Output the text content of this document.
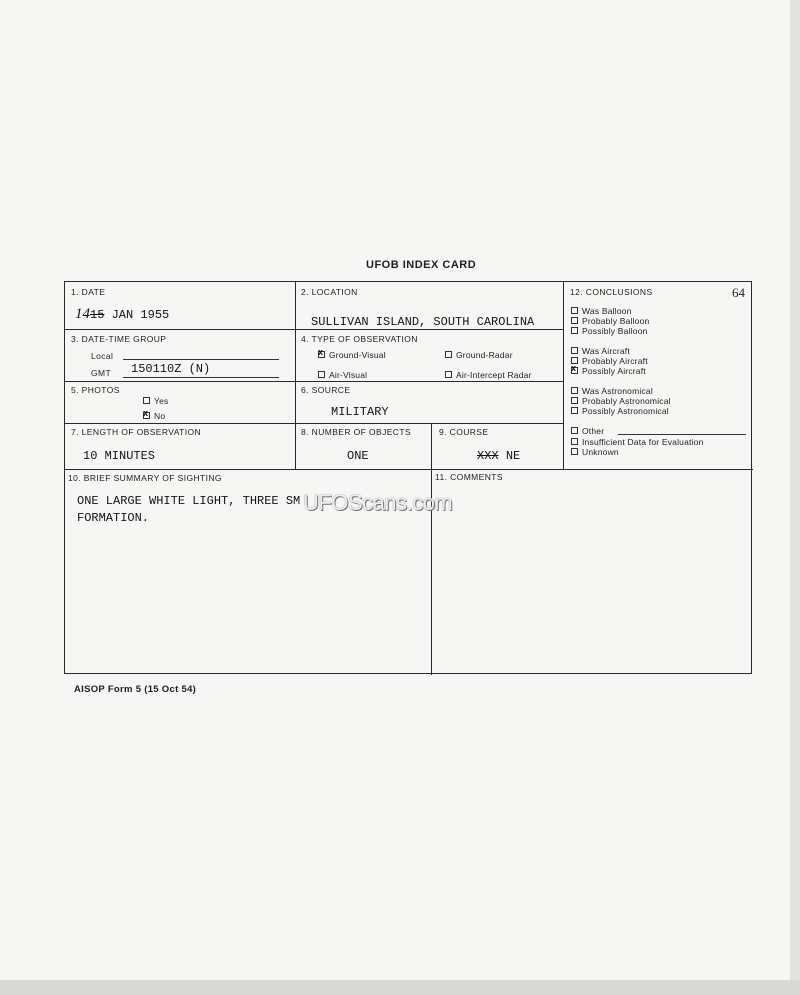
UFOB INDEX CARD
1. DATE
1415 JAN 1955
2. LOCATION
SULLIVAN ISLAND, SOUTH CAROLINA
3. DATE-TIME GROUP
Local
GMT 150110Z (N)
4. TYPE OF OBSERVATION
xGround-Visual	Ground-Radar
Air-Visual	Air-Intercept Radar
5. PHOTOS
Yes
xNo
6. SOURCE
MILITARY
7. LENGTH OF OBSERVATION
10 MINUTES
8. NUMBER OF OBJECTS
ONE
9. COURSE
XXX NE
10. BRIEF SUMMARY OF SIGHTING
ONE LARGE WHITE LIGHT, THREE SM
FORMATION.
11. COMMENTS
12. CONCLUSIONS
Was Balloon
Probably Balloon
Possibly Balloon
Was Aircraft
Probably Aircraft
xPossibly Aircraft
Was Astronomical
Probably Astronomical
Possibly Astronomical
Other
Insufficient Data for Evaluation
Unknown
64
UFOScans.com
AISOP Form 5 (15 Oct 54)
